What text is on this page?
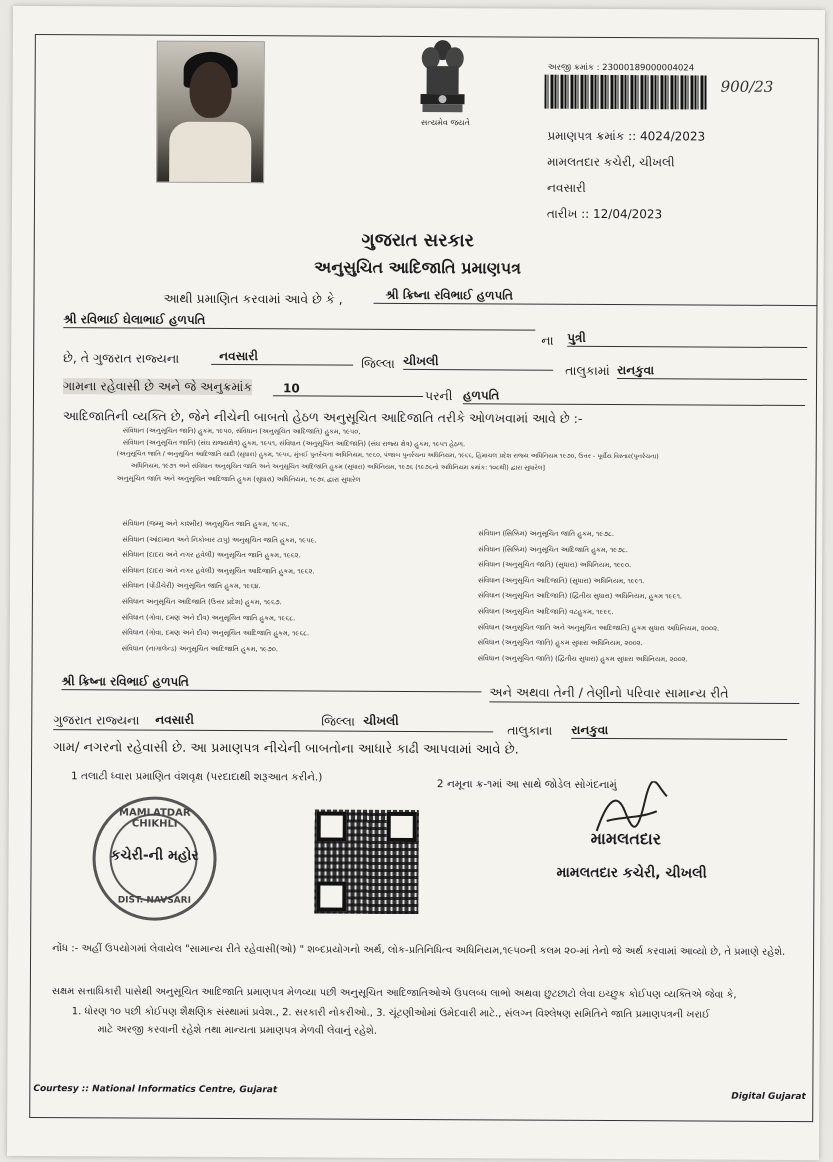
સત્યમેવ જયતે
અરજી ક્રમાંક : 23000189000004024
900/23
પ્રમાણપત્ર ક્રમાંક :: 4024/2023
મામલતદાર કચેરી, ચીખલી
નવસારી
તારીખ :: 12/04/2023
ગુજરાત સરકાર
અનુસુચિત આદિજાતિ પ્રમાણપત્ર
આથી પ્રમાણિત કરવામાં આવે છે કે ,	શ્રી ક્રિષ્ના રવિભાઈ હળપતિ
શ્રી રવિભાઈ ઘેલાભાઈ હળપતિ
ના પુત્રી
છે, તે ગુજરાત રાજ્યના	નવસારી	જિલ્લા ચીખલી
તાલુકામાં રાનકુવા
ગામના રહેવાસી છે અને જે અનુક્રમાંક	10	પરની હળપતિ
આદિજાતિની વ્યક્તિ છે, જેને નીચેની બાબતો હેઠળ અનુસૂચિત આદિજાતિ તરીકે ઓળખવામાં આવે છે :-
સંવિધાન (અનુસૂચિત જાતિ) હુકમ, ૧૯૫૦, સંવિધાન (અનુસૂચિત આદિજાતિ) હુકમ, ૧૯૫૦,
સંવિધાન (અનુસૂચિત જાતિ) (સંઘ રાજ્યક્ષેત્ર) હુકમ, ૧૯૫૧, સંવિધાન (અનુસૂચિત આદિજાતિ) (સંઘ રાજ્ય ક્ષેત્ર) હુકમ, ૧૯૫૧ હેઠળ.
(અનુસૂચિત જાતિ / અનુસૂચિત આદિજાતિ યાદી (સુધારા) હુકમ, ૧૯૫૬, મુંબઈ પુનર્રચના અધિનિયમ, ૧૯૬૦, પંજાબ પુનર્રચના અધિનિયમ, ૧૯૬૬, હિમાચલ પ્રદેશ રાજ્ય અધિનિયમ ૧૯૭૦, ઉત્તર - પૂર્વીય વિસ્તાર(પુનર્રચના)
અધિનિયમ, ૧૯૭૧ અને સંવિધાન અનુસૂચિત જાતિ અને અનુસૂચિત આદિજાતિ હુકમ (સુધારા) અધિનિયમ, ૧૯૭૬ (૧૯૭૬નો અધિનિયમ ક્રમાંક: ૧૦૮થી) દ્વારા સુધારેલ]
અનુસૂચિત જાતિ અને અનુસૂચિત આદિજાતિ હુકમ (સુધારા) અધિનિયમ, ૧૯૭૬ દ્વારા સુધારેલ
સંવિધાન (જમ્મુ અને કાશ્મીર) અનુસૂચિત જાતિ હુકમ, ૧૯૫૬.
સંવિધાન (આંદામાન અને નિકોબાર ટાપુ) અનુસૂચિત જાતિ હુકમ, ૧૯૫૯.
સંવિધાન (દાદરા અને નગર હવેલી) અનુસૂચિત જાતિ હુકમ, ૧૯૬૨.
સંવિધાન (દાદરા અને નગર હવેલી) અનુસૂચિત આદિજાતિ હુકમ, ૧૯૬૨.
સંવિધાન (પોંડીચેરી) અનુસૂચિત જાતિ હુકમ, ૧૯૬૪.
સંવિધાન અનુસૂચિત આદિજાતિ (ઉત્તર પ્રદેશ) હુકમ, ૧૯૬૭.
સંવિધાન (ગોવા, દમણ અને દીવ) અનુસૂચિત જાતિ હુકમ, ૧૯૬૮.
સંવિધાન (ગોવા, દમણ અને દીવ) અનુસૂચિત આદિજાતિ હુકમ, ૧૯૬૮.
સંવિધાન (નાગાલેન્ડ) અનુસૂચિત આદિજાતિ હુકમ, ૧૯૭૦.
સંવિધાન (સિક્કિમ) અનુસૂચિત જાતિ હુકમ, ૧૯૭૮.
સંવિધાન (સિક્કિમ) અનુસૂચિત આદિજાતિ હુકમ, ૧૯૭૮.
સંવિધાન (અનુસૂચિત જાતિ) (સુધારા) અધિનિયમ, ૧૯૯૦.
સંવિધાન (અનુસૂચિત આદિજાતિ) (સુધારા) અધિનિયમ, ૧૯૯૧.
સંવિધાન (અનુસૂચિત આદિજાતિ) (દ્વિતીય સુધારા) અધિનિયમ, હુકમ ૧૯૯૧.
સંવિધાન (અનુસૂચિત આદિજાતિ) વટહુકમ, ૧૯૯૬.
સંવિધાન (અનુસૂચિત જાતિ અને અનુસૂચિત આદિજાતિ) હુકમ સુધારા અધિનિયમ, ૨૦૦૨.
સંવિધાન (અનુસૂચિત જાતિ) હુકમ સુધારા અધિનિયમ, ૨૦૦૨.
સંવિધાન (અનુસૂચિત જાતિ) (દ્વિતીય સુધારા) હુકમ સુધારા અધિનિયમ, ૨૦૦૨.
શ્રી ક્રિષ્ના રવિભાઈ હળપતિ
અને અથવા તેની / તેણીનો પરિવાર સામાન્ય રીતે
ગુજરાત રાજ્યના નવસારી	જિલ્લા ચીખલી
તાલુકાના રાનકુવા
ગામ/ નગરનો રહેવાસી છે. આ પ્રમાણપત્ર નીચેની બાબતોના આધારે કાઢી આપવામાં આવે છે.
1 તલાટી ધ્વારા પ્રમાણિત વંશવૃક્ષ (પરદાદાથી શરૂઆત કરીને.)
2 નમૂના ક્ર-૧માં આ સાથે જોડેલ સોગંદનામું
MAMLATDAR CHIKHLI
કચેરી-ની મહોર
DIST. NAVSARI
મામલતદાર
મામલતદાર કચેરી, ચીખલી
નોંધ :- અહીં ઉપયોગમાં લેવાયેલ "સામાન્ય રીતે રહેવાસી(ઓ) " શબ્દપ્રયોગનો અર્થ, લોક-પ્રતિનિધિત્વ અધિનિયમ,૧૯૫૦ની કલમ ૨૦-માં તેનો જે અર્થ કરવામાં આવ્યો છે, તે પ્રમાણે રહેશે.
સક્ષમ સત્તાધિકારી પાસેથી અનુસૂચિત આદિજાતિ પ્રમાણપત્ર મેળવ્યા પછી અનુસૂચિત આદિજાતિઓએ ઉપલબ્ધ લાભો અથવા છુટછાટો લેવા ઇચ્છુક કોઈપણ વ્યક્તિએ જેવા કે,
1. ધોરણ ૧૦ પછી કોઈપણ શૈક્ષણિક સંસ્થામાં પ્રવેશ., 2. સરકારી નોકરીઓ., 3. ચૂંટણીઓમાં ઉમેદવારી માટે., સંલગ્ન વિશ્લેષણ સમિતિને જાતિ પ્રમાણપત્રની ખરાઈ
માટે અરજી કરવાની રહેશે તથા માન્યતા પ્રમાણપત્ર મેળવી લેવાનું રહેશે.
Courtesy :: National Informatics Centre, Gujarat
Digital Gujarat
